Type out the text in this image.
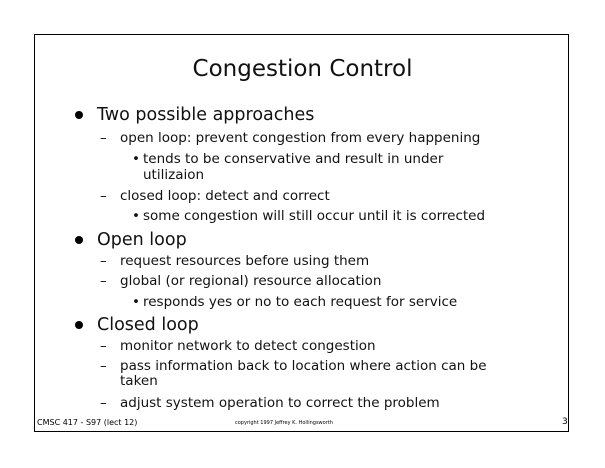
Congestion Control
Two possible approaches
– open loop: prevent congestion from every happening
• tends to be conservative and result in under
utilizaion
– closed loop: detect and correct
• some congestion will still occur until it is corrected
Open loop
– request resources before using them
– global (or regional) resource allocation
• responds yes or no to each request for service
Closed loop
– monitor network to detect congestion
– pass information back to location where action can be
taken
– adjust system operation to correct the problem
CMSC 417 - S97 (lect 12)	copyright 1997 Jeffrey K. Hollingsworth	3
